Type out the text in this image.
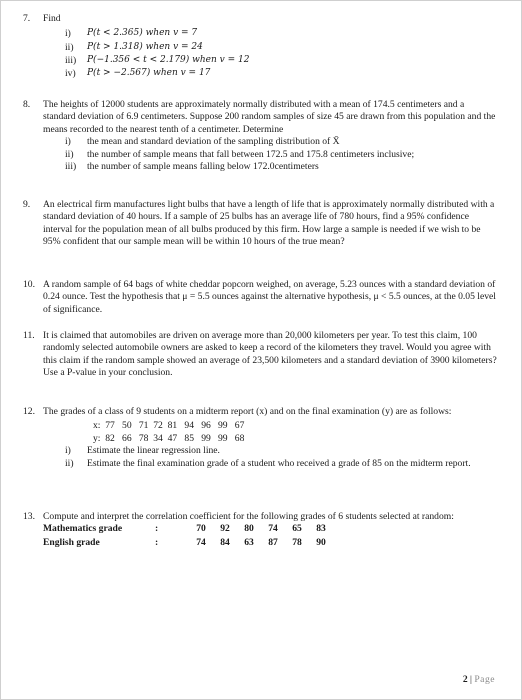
7. Find
i)	P(t < 2.365) when v = 7
ii)	P(t > 1.318) when v = 24
iii)	P(−1.356 < t < 2.179) when v = 12
iv)	P(t > −2.567) when v = 17
8. The heights of 12000 students are approximately normally distributed with a mean of 174.5 centimeters and a standard deviation of 6.9 centimeters. Suppose 200 random samples of size 45 are drawn from this population and the means recorded to the nearest tenth of a centimeter. Determine
i)	the mean and standard deviation of the sampling distribution of X̄
ii)	the number of sample means that fall between 172.5 and 175.8 centimeters inclusive;
iii)	the number of sample means falling below 172.0centimeters
9. An electrical firm manufactures light bulbs that have a length of life that is approximately normally distributed with a standard deviation of 40 hours. If a sample of 25 bulbs has an average life of 780 hours, find a 95% confidence interval for the population mean of all bulbs produced by this firm. How large a sample is needed if we wish to be 95% confident that our sample mean will be within 10 hours of the true mean?
10. A random sample of 64 bags of white cheddar popcorn weighed, on average, 5.23 ounces with a standard deviation of 0.24 ounce. Test the hypothesis that μ = 5.5 ounces against the alternative hypothesis, μ < 5.5 ounces, at the 0.05 level of significance.
11. It is claimed that automobiles are driven on average more than 20,000 kilometers per year. To test this claim, 100 randomly selected automobile owners are asked to keep a record of the kilometers they travel. Would you agree with this claim if the random sample showed an average of 23,500 kilometers and a standard deviation of 3900 kilometers? Use a P-value in your conclusion.
12. The grades of a class of 9 students on a midterm report (x) and on the final examination (y) are as follows:
x:  77   50   71  72  81   94   96   99   67
y:  82   66   78  34  47   85   99   99   68
i)	Estimate the linear regression line.
ii)	Estimate the final examination grade of a student who received a grade of 85 on the midterm report.
13. Compute and interpret the correlation coefficient for the following grades of 6 students selected at random:
Mathematics grade	:	70	92	80	74	65	83
English grade	:	74	84	63	87	78	90
2 | Page
